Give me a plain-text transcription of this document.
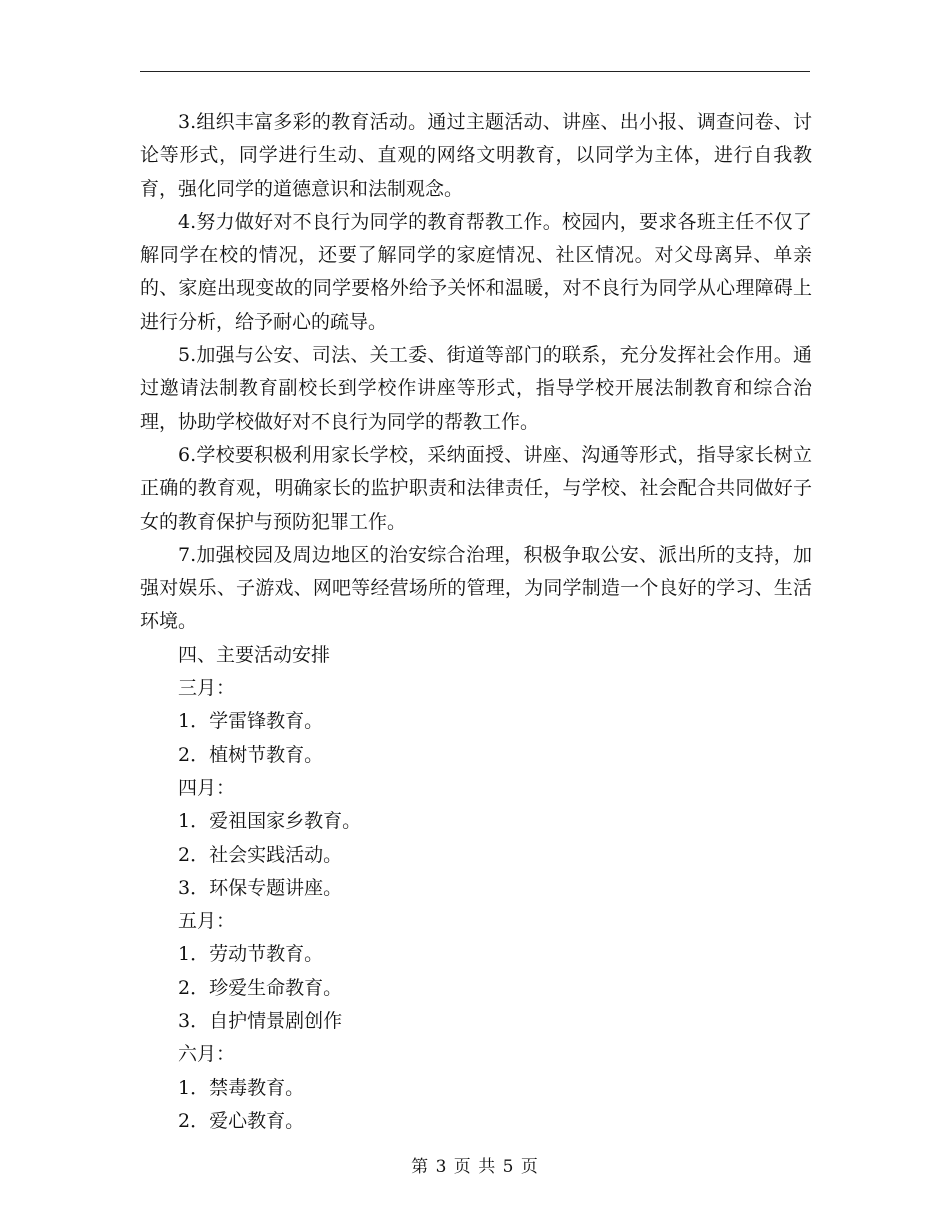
3.组织丰富多彩的教育活动。通过主题活动、讲座、出小报、调查问卷、讨论等形式，同学进行生动、直观的网络文明教育，以同学为主体，进行自我教育，强化同学的道德意识和法制观念。

4.努力做好对不良行为同学的教育帮教工作。校园内，要求各班主任不仅了解同学在校的情况，还要了解同学的家庭情况、社区情况。对父母离异、单亲的、家庭出现变故的同学要格外给予关怀和温暖，对不良行为同学从心理障碍上进行分析，给予耐心的疏导。

5.加强与公安、司法、关工委、街道等部门的联系，充分发挥社会作用。通过邀请法制教育副校长到学校作讲座等形式，指导学校开展法制教育和综合治理，协助学校做好对不良行为同学的帮教工作。

6.学校要积极利用家长学校，采纳面授、讲座、沟通等形式，指导家长树立正确的教育观，明确家长的监护职责和法律责任，与学校、社会配合共同做好子女的教育保护与预防犯罪工作。

7.加强校园及周边地区的治安综合治理，积极争取公安、派出所的支持，加强对娱乐、子游戏、网吧等经营场所的管理，为同学制造一个良好的学习、生活环境。

四、主要活动安排

三月：

1．学雷锋教育。

2．植树节教育。

四月：

1．爱祖国家乡教育。

2．社会实践活动。

3．环保专题讲座。

五月：

1．劳动节教育。

2．珍爱生命教育。

3．自护情景剧创作

六月：

1．禁毒教育。

2．爱心教育。

第 3 页 共 5 页
